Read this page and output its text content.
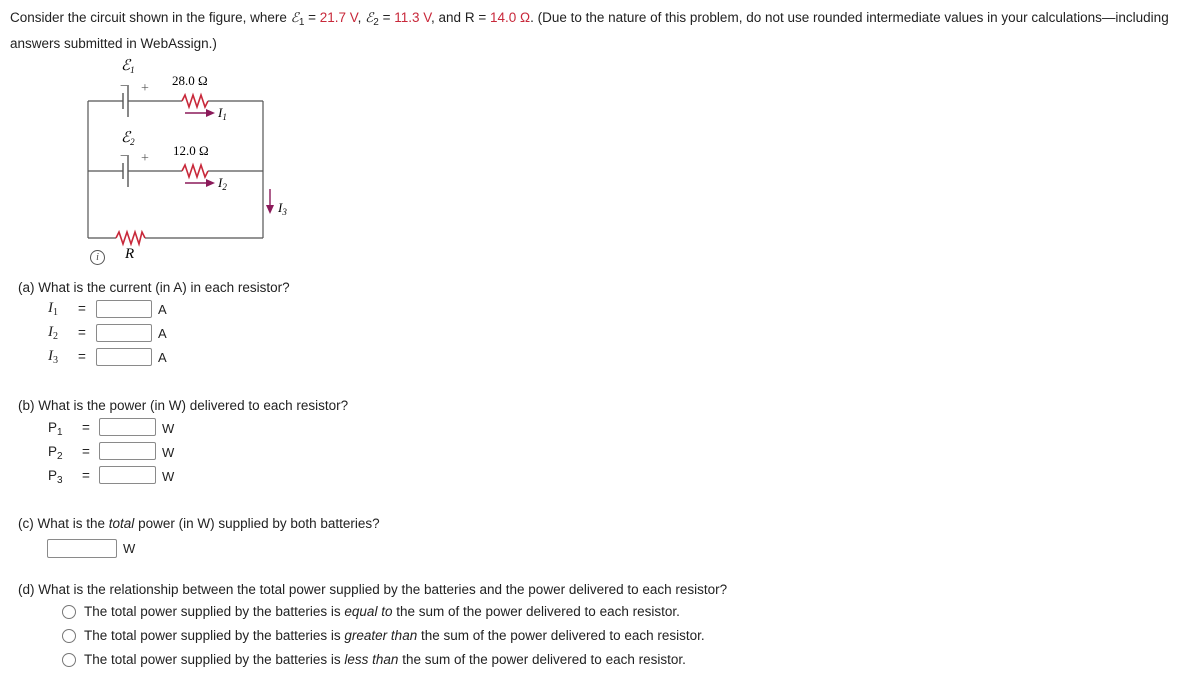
Consider the circuit shown in the figure, where ℰ$_1$ = 21.7 V, ℰ$_2$ = 11.3 V, and R = 14.0 Ω. (Due to the nature of this problem, do not use rounded intermediate values in your calculations—including answers submitted in WebAssign.)
ℰ$_1$
− +
28.0 Ω
$I_1$
ℰ$_2$
− +
12.0 Ω
$I_2$
$I_3$
R
i
(a) What is the current (in A) in each resistor?
$I_1$ =	A
$I_2$ =	A
$I_3$ =	A
(b) What is the power (in W) delivered to each resistor?
$P_1$ =	W
$P_2$ =	W
$P_3$ =	W
(c) What is the total power (in W) supplied by both batteries?
W
(d) What is the relationship between the total power supplied by the batteries and the power delivered to each resistor?
The total power supplied by the batteries is equal to the sum of the power delivered to each resistor.
The total power supplied by the batteries is greater than the sum of the power delivered to each resistor.
The total power supplied by the batteries is less than the sum of the power delivered to each resistor.
